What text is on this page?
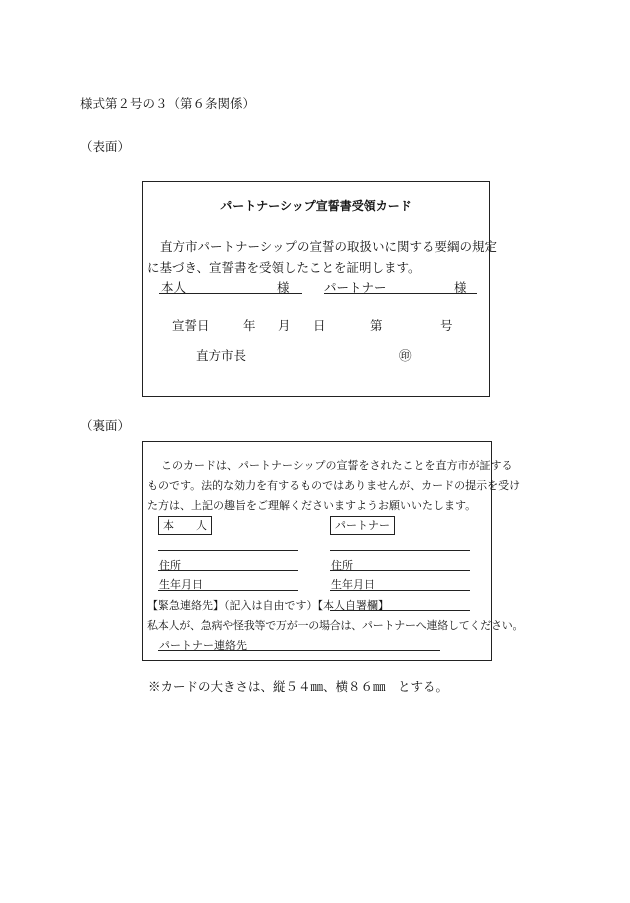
様式第２号の３（第６条関係）
（表面）
パートナーシップ宣誓書受領カード
直方市パートナーシップの宣誓の取扱いに関する要綱の規定
に基づき、宣誓書を受領したことを証明します。
本人	様	パートナー	様
宣誓日	年 月 日	第	号
直方市長	㊞
（裏面）
このカードは、パートナーシップの宣誓をされたことを直方市が証する
ものです。法的な効力を有するものではありませんが、カードの提示を受け
た方は、上記の趣旨をご理解くださいますようお願いいたします。
本　　人	パートナー
住所	住所
生年月日	生年月日
【緊急連絡先】（記入は自由です）【本人自署欄】
私本人が、急病や怪我等で万が一の場合は、パートナーへ連絡してください。
パートナー連絡先
※カードの大きさは、縦５４㎜、横８６㎜　とする。
